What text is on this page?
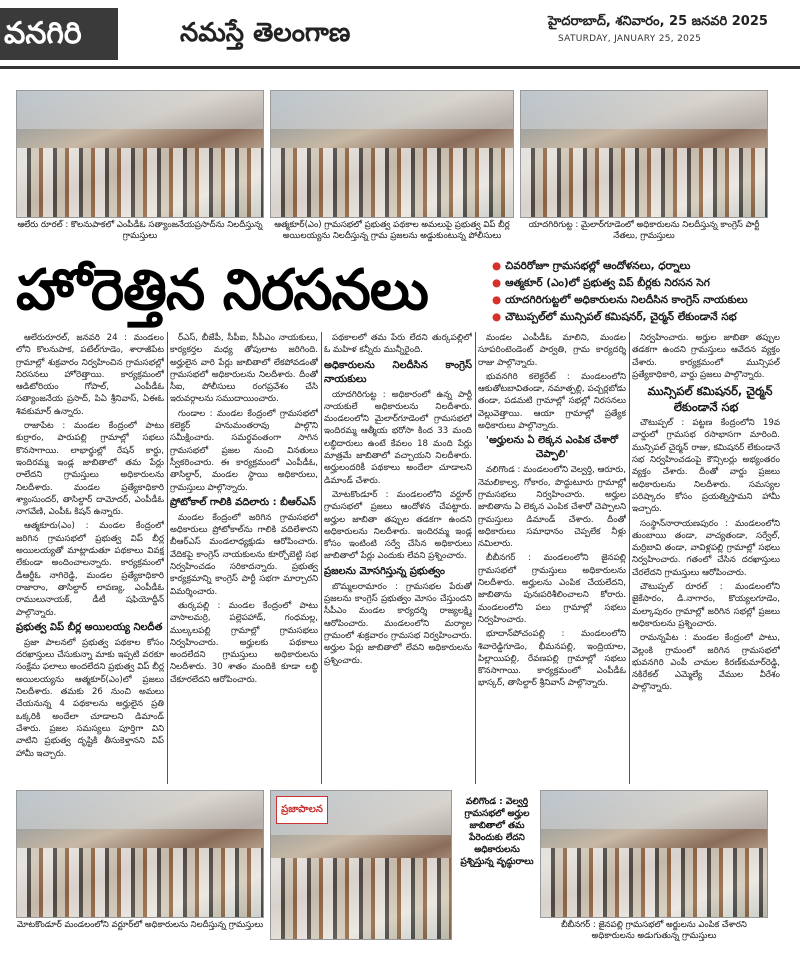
వనగిరి	నమస్తే తెలంగాణ	హైదరాబాద్, శనివారం, 25 జనవరి 2025
SATURDAY, JANUARY 25, 2025
ఆలేరు రూరల్ : కొలనుపాకలో ఎంపీడీఓ సత్యాంజనేయప్రసాద్‌ను నిలదీస్తున్న గ్రామస్తులు
ఆత్మకూర్(ఎం) గ్రామసభలో ప్రభుత్వ పథకాల అమలుపై ప్రభుత్వ విప్ బీర్ల అయిలయ్యను నిలదీస్తున్న గ్రామ ప్రజలను అడ్డుకుంటున్న పోలీసులు
యాదగిరిగుట్ట : మైలార్‌గూడెంలో అధికారులను నిలదీస్తున్న కాంగ్రెస్ పార్టీ నేతలు, గ్రామస్తులు
హోరెత్తిన నిరసనలు	● చివరిరోజూ గ్రామసభల్లో ఆందోళనలు, ధర్నాలు
● ఆత్మకూర్ (ఎం)లో ప్రభుత్వ విప్ బీర్లకు నిరసన సెగ
● యాదగిరిగుట్టలో అధికారులను నిలదీసిన కాంగ్రెస్ నాయకులు
● చౌటుప్పల్‌లో మున్సిపల్ కమిషనర్, చైర్మన్ లేకుండానే సభ

ఆలేరురూరల్, జనవరి 24 : మండలం లోని కొలనుపాక, పటేల్‌గూడెం, శారాజీపేట గ్రామాల్లో శుక్రవారం నిర్వహించిన గ్రామసభల్లో నిరసనలు హోరెత్తాయి. కార్యక్రమంలో ఆడిటోరియం గోపాల్, ఎంపీడీఓ సత్యాంజనేయ ప్రసాద్, పిఏ శ్రీనివాస్, ఏఈఓ శివకుమార్ ఉన్నారు.

రాజాపేట : మండల కేంద్రంలో పాటు కుర్రారం, పారుపల్లి గ్రామాల్లో సభలు కొనసాగాయి. లాభార్థుల్లో రేషన్ కార్డు, ఇందిరమ్మ ఇండ్ల జాబితాలో తమ పేర్లు రాలేదని గ్రామస్తులు అధికారులను నిలదీశారు. మండల ప్రత్యేకాధికారి శ్యాంసుందర్, తాసిల్దార్ దామోదర్, ఎంపీడీఓ నాగవేణి, ఎంపీఓ కిషన్ ఉన్నారు.

ఆత్మకూరు(ఎం) : మండల కేంద్రంలో జరిగిన గ్రామసభలో ప్రభుత్వ విప్ బీర్ల అయిలయ్యతో మాట్లాడుతూ పథకాలు వివక్ష లేకుండా అందించాలన్నారు. కార్యక్రమంలో డీఆర్డీఓ నాగిరెడ్డి, మండల ప్రత్యేకాధికారి రాజారాం, తాసిల్దార్ లావణ్య, ఎంపీడీఓ రాములునాయక్, డీటీ షఫియోద్దీన్ పాల్గొన్నారు.

ప్రభుత్వ విప్ బీర్ల అయిలయ్య నిలదీత

ప్రజా పాలనలో ప్రభుత్వ పథకాల కోసం దరఖాస్తులు చేసుకున్నా మాకు ఇప్పటి వరకూ సంక్షేమ ఫలాలు అందలేదని ప్రభుత్వ విప్ బీర్ల అయిలయ్యను ఆత్మకూర్(ఎం)లో ప్రజలు నిలదీశారు. తమకు 26 నుంచి అమలు చేయనున్న 4 పథకాలను అర్హులైన ప్రతి ఒక్కరికి అందేలా చూడాలని డిమాండ్ చేశారు. ప్రజల సమస్యలు పూర్తిగా విని వాటిని ప్రభుత్వ దృష్టికి తీసుకెళ్తానని విప్ హామీ ఇచ్చారు.

ర్‌ఎస్, బీజేపీ, సీపీఐ, సీపీఎం నాయకులు, కార్యకర్తల మధ్య తోపులాట జరిగింది. అర్హులైన వారి పేర్లు జాబితాలో లేకపోవడంతో గ్రామసభలో అధికారులను నిలదీశారు. దీంతో సీఐ, పోలీసులు రంగప్రవేశం చేసి ఇరువర్గాలను సముదాయించారు.

గుండాల : మండల కేంద్రంలో గ్రామసభలో కలెక్టర్ హనుమంతరావు పాల్గొని సమీక్షించారు. సమర్థవంతంగా సాగిన గ్రామసభలో ప్రజల నుంచి వినతులు స్వీకరించారు. ఈ కార్యక్రమంలో ఎంపీడీఓ, తాసిల్దార్, మండల స్థాయి అధికారులు, గ్రామస్తులు పాల్గొన్నారు.

ప్రోటోకాల్ గాలికి వదిలారు : బీఆర్ఎస్

మండల కేంద్రంలో జరిగిన గ్రామసభలో అధికారులు ప్రోటోకాల్‌ను గాలికి వదిలేశారని బీఆర్ఎస్ మండలాధ్యక్షుడు ఆరోపించారు. వేదికపై కాంగ్రెస్ నాయకులను కూర్చోబెట్టి సభ నిర్వహించడం సరికాదన్నారు. ప్రభుత్వ కార్యక్రమాన్ని కాంగ్రెస్ పార్టీ సభగా మార్చారని విమర్శించారు.

తుర్కపల్లి : మండల కేంద్రంలో పాటు వాసాలమర్రి, పల్లెపహాడ్, గంధమల్ల, ముల్కలపల్లి గ్రామాల్లో గ్రామసభలు నిర్వహించారు. అర్హులకు పథకాలు అందలేదని గ్రామస్తులు అధికారులను నిలదీశారు. 30 శాతం మందికి కూడా లబ్ధి చేకూరలేదని ఆరోపించారు.

పథకాలలో తమ పేరు లేదని తుర్కపల్లిలో ఓ మహిళ కన్నీరు మున్నీరైంది.

అధికారులను నిలదీసిన కాంగ్రెస్ నాయకులు

యాదగిరిగుట్ట : అధికారంలో ఉన్న పార్టీ నాయకులే అధికారులను నిలదీశారు. మండలంలోని మైలార్‌గూడెంలో గ్రామసభలో ఇందిరమ్మ ఆత్మీయ భరోసా కింద 33 మంది లబ్ధిదారులు ఉంటే కేవలం 18 మంది పేర్లు మాత్రమే జాబితాలో వచ్చాయని నిలదీశారు. అర్హులందరికీ పథకాలు అందేలా చూడాలని డిమాండ్ చేశారు.

మోటకొండూర్ : మండలంలోని వర్టూర్ గ్రామసభలో ప్రజలు ఆందోళన చేపట్టారు. అర్హుల జాబితా తప్పుల తడకగా ఉందని అధికారులను నిలదీశారు. ఇందిరమ్మ ఇండ్ల కోసం ఇంటింటి సర్వే చేసిన అధికారులు జాబితాలో పేర్లు ఎందుకు లేవని ప్రశ్నించారు.

ప్రజలను మోసగిస్తున్న ప్రభుత్వం

బొమ్మలరామారం : గ్రామసభల పేరుతో ప్రజలను కాంగ్రెస్ ప్రభుత్వం మోసం చేస్తుందని సీపీఎం మండల కార్యదర్శి రాజ్యలక్ష్మి ఆరోపించారు. మండలంలోని మర్యాల గ్రామంలో శుక్రవారం గ్రామసభ నిర్వహించారు. అర్హుల పేర్లు జాబితాలో లేవని అధికారులను ప్రశ్నించారు.

మండల ఎంపీడీఓ మాలిని, మండల సూపరింటెండెంట్ పార్వతి, గ్రామ కార్యదర్శి రాజు పాల్గొన్నారు.

భువనగిరి కలెక్టరేట్ : మండలంలోని ఆకుతోటబావితండా, నమాత్పల్లి, పచ్చర్లబోడు తండా, పడమటి గ్రామాల్లో సభల్లో నిరసనలు వెల్లువెత్తాయి. ఆయా గ్రామాల్లో ప్రత్యేక అధికారులు పాల్గొన్నారు.

'అర్హులను ఏ లెక్కన ఎంపిక చేశారో చెప్పాలి'

వలిగొండ : మండలంలోని వెల్వర్తి, ఆరూరు, నెమలికాల్వ, గోకారం, పొద్దుటూరు గ్రామాల్లో గ్రామసభలు నిర్వహించారు. అర్హుల జాబితాను ఏ లెక్కన ఎంపిక చేశారో చెప్పాలని గ్రామస్తులు డిమాండ్ చేశారు. దీంతో అధికారులు సమాధానం చెప్పలేక నీళ్లు నమిలారు.

బీబీనగర్ : మండలంలోని జైనపల్లి గ్రామసభలో గ్రామస్తులు అధికారులను నిలదీశారు. అర్హులను ఎంపిక చేయలేదని, జాబితాను పునఃపరిశీలించాలని కోరారు. మండలంలోని పలు గ్రామాల్లో సభలు నిర్వహించారు.

భూదాన్‌పోచంపల్లి : మండలంలోని శివారెడ్డిగూడెం, భీమనపల్లి, ఇంద్రియాల, పిల్లాయిపల్లి, రేవణపల్లి గ్రామాల్లో సభలు కొనసాగాయి. కార్యక్రమంలో ఎంపీడీఓ భాస్కర్, తాసిల్దార్ శ్రీనివాస్ పాల్గొన్నారు.

నిర్వహించారు. అర్హుల జాబితా తప్పుల తడకగా ఉందని గ్రామస్తులు ఆవేదన వ్యక్తం చేశారు. కార్యక్రమంలో మున్సిపల్ ప్రత్యేకాధికారి, వార్డు ప్రజలు పాల్గొన్నారు.

మున్సిపల్ కమిషనర్, చైర్మన్ లేకుండానే సభ

చౌటుప్పల్ : పట్టణ కేంద్రంలోని 19వ వార్డులో గ్రామసభ రసాభాసగా మారింది. మున్సిపల్ చైర్మన్ రాజు, కమిషనర్ లేకుండానే సభ నిర్వహించడంపై కౌన్సిలర్లు అభ్యంతరం వ్యక్తం చేశారు. దీంతో వార్డు ప్రజలు అధికారులను నిలదీశారు. సమస్యల పరిష్కారం కోసం ప్రయత్నిస్తామని హామీ ఇచ్చారు.

సంస్థాన్‌నారాయణపురం : మండలంలోని తుంబాయి తండా, వాచ్యతండా, సర్వేల్, మర్రిబావి తండా, వావిళ్లపల్లి గ్రామాల్లో సభలు నిర్వహించారు. గతంలో చేసిన దరఖాస్తులు చేరలేదని గ్రామస్తులు ఆరోపించారు.

చౌటుప్పల్ రూరల్ : మండలంలోని జైకేసారం, డి.నాగారం, కొయ్యలగూడెం, మల్కాపురం గ్రామాల్లో జరిగిన సభల్లో ప్రజలు అధికారులను ప్రశ్నించారు.

రామన్నపేట : మండల కేంద్రంలో పాటు, వెల్లంకి గ్రామంలో జరిగిన గ్రామసభలో భువనగిరి ఎంపీ చామల కిరణ్‌కుమార్‌రెడ్డి, నకిరేకల్ ఎమ్మెల్యే వేముల వీరేశం పాల్గొన్నారు.

మోటకొండూర్ మండలంలోని వర్టూర్‌లో అధికారులను నిలదీస్తున్న గ్రామస్తులు
ప్రజాపాలన
వలిగొండ : వెల్వర్తి గ్రామసభలో అర్హుల జాబితాలో తమ పేరెందుకు లేదని అధికారులను ప్రశ్నిస్తున్న వృద్ధురాలు
బీబీనగర్ : జైనపల్లి గ్రామసభలో అర్జులను ఎంపిక చేశారని అధికారులను అడుగుతున్న గ్రామస్తులు
